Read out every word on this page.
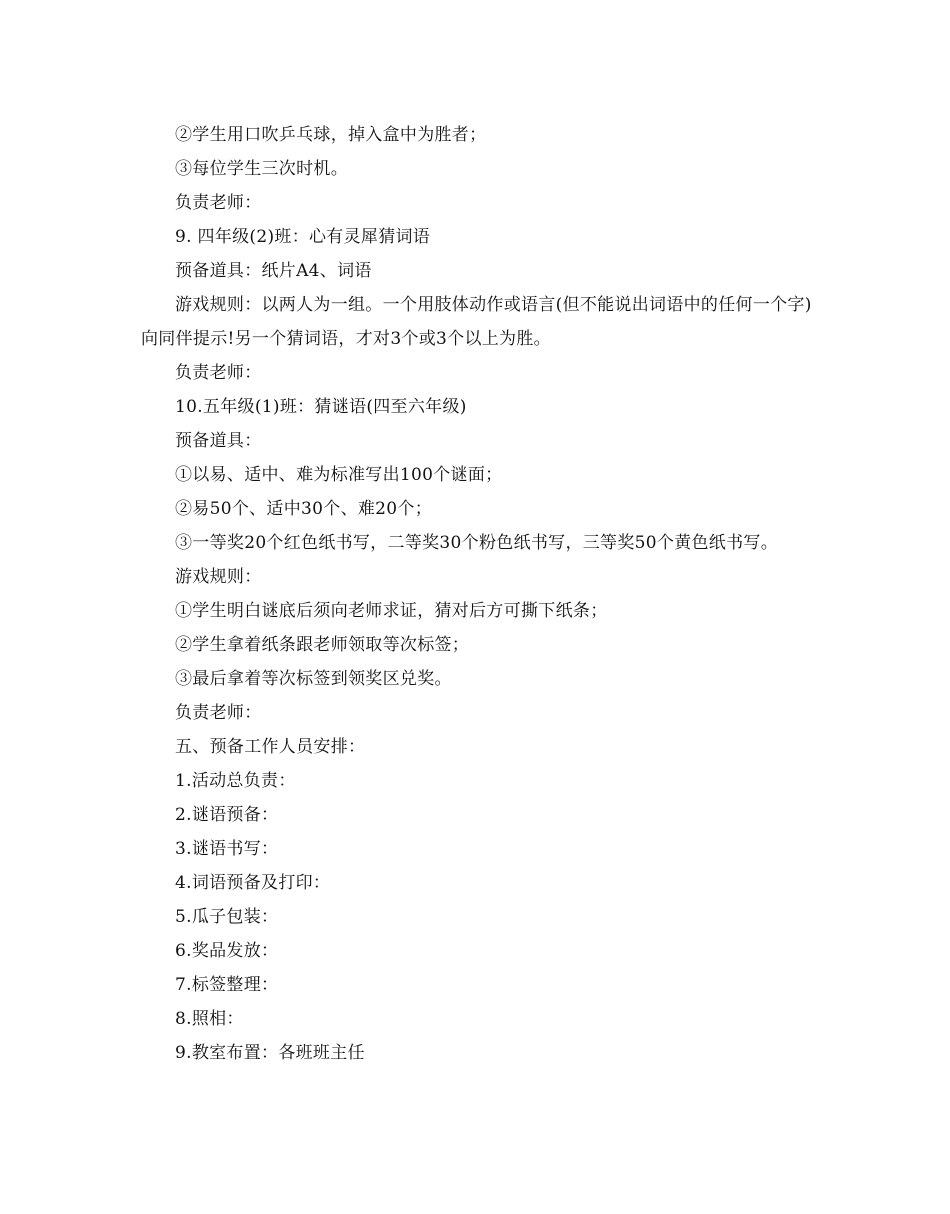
②学生用口吹乒乓球，掉入盒中为胜者；

③每位学生三次时机。

负责老师：

9. 四年级(2)班：心有灵犀猜词语

预备道具：纸片A4、词语

游戏规则：以两人为一组。一个用肢体动作或语言(但不能说出词语中的任何一个字)向同伴提示!另一个猜词语，才对3个或3个以上为胜。

负责老师：

10.五年级(1)班：猜谜语(四至六年级)

预备道具：

①以易、适中、难为标准写出100个谜面；

②易50个、适中30个、难20个；

③一等奖20个红色纸书写，二等奖30个粉色纸书写，三等奖50个黄色纸书写。

游戏规则：

①学生明白谜底后须向老师求证，猜对后方可撕下纸条；

②学生拿着纸条跟老师领取等次标签；

③最后拿着等次标签到领奖区兑奖。

负责老师：

五、预备工作人员安排：

1.活动总负责：

2.谜语预备：

3.谜语书写：

4.词语预备及打印：

5.瓜子包装：

6.奖品发放：

7.标签整理：

8.照相：

9.教室布置：各班班主任
